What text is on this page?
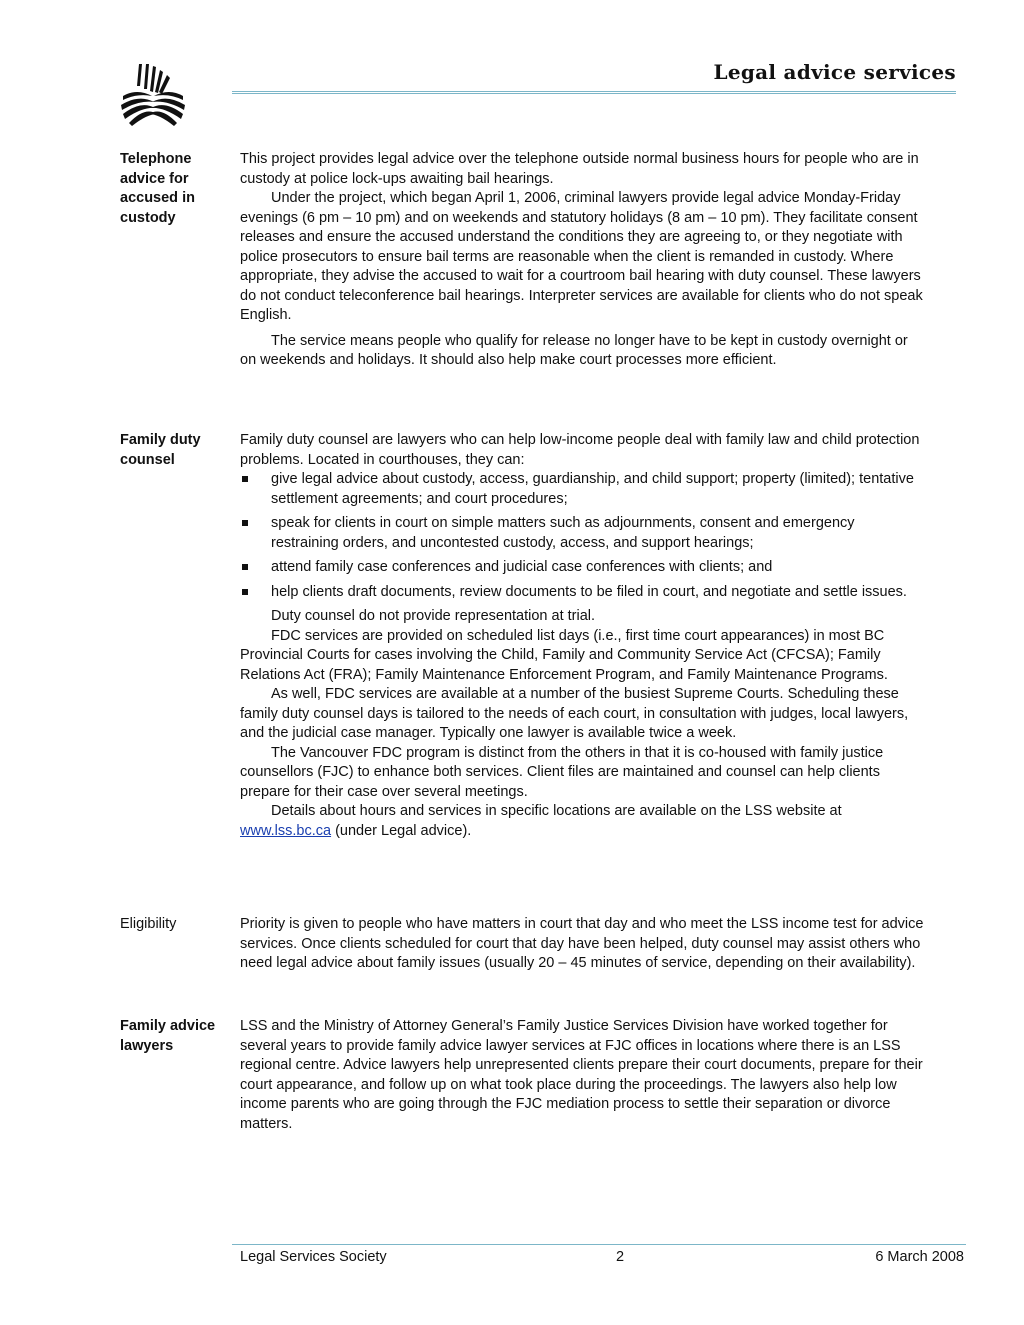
Legal advice services
Telephone advice for accused in custody

This project provides legal advice over the telephone outside normal business hours for people who are in custody at police lock-ups awaiting bail hearings.

Under the project, which began April 1, 2006, criminal lawyers provide legal advice Monday-Friday evenings (6 pm – 10 pm) and on weekends and statutory holidays (8 am – 10 pm). They facilitate consent releases and ensure the accused understand the conditions they are agreeing to, or they negotiate with police prosecutors to ensure bail terms are reasonable when the client is remanded in custody. Where appropriate, they advise the accused to wait for a courtroom bail hearing with duty counsel. These lawyers do not conduct teleconference bail hearings. Interpreter services are available for clients who do not speak English.

The service means people who qualify for release no longer have to be kept in custody overnight or on weekends and holidays. It should also help make court processes more efficient.

Family duty counsel

Family duty counsel are lawyers who can help low-income people deal with family law and child protection problems. Located in courthouses, they can:

give legal advice about custody, access, guardianship, and child support; property (limited); tentative settlement agreements; and court procedures;
speak for clients in court on simple matters such as adjournments, consent and emergency restraining orders, and uncontested custody, access, and support hearings;
attend family case conferences and judicial case conferences with clients; and
help clients draft documents, review documents to be filed in court, and negotiate and settle issues.

Duty counsel do not provide representation at trial.

FDC services are provided on scheduled list days (i.e., first time court appearances) in most BC Provincial Courts for cases involving the Child, Family and Community Service Act (CFCSA); Family Relations Act (FRA); Family Maintenance Enforcement Program, and Family Maintenance Programs.

As well, FDC services are available at a number of the busiest Supreme Courts. Scheduling these family duty counsel days is tailored to the needs of each court, in consultation with judges, local lawyers, and the judicial case manager. Typically one lawyer is available twice a week.

The Vancouver FDC program is distinct from the others in that it is co-housed with family justice counsellors (FJC) to enhance both services. Client files are maintained and counsel can help clients prepare for their case over several meetings.

Details about hours and services in specific locations are available on the LSS website at www.lss.bc.ca (under Legal advice).

Eligibility	Priority is given to people who have matters in court that day and who meet the LSS income test for advice services. Once clients scheduled for court that day have been helped, duty counsel may assist others who need legal advice about family issues (usually 20 – 45 minutes of service, depending on their availability).

Family advice lawyers

LSS and the Ministry of Attorney General’s Family Justice Services Division have worked together for several years to provide family advice lawyer services at FJC offices in locations where there is an LSS regional centre. Advice lawyers help unrepresented clients prepare their court documents, prepare for their court appearance, and follow up on what took place during the proceedings. The lawyers also help low income parents who are going through the FJC mediation process to settle their separation or divorce matters.

Legal Services Society	2	6 March 2008
